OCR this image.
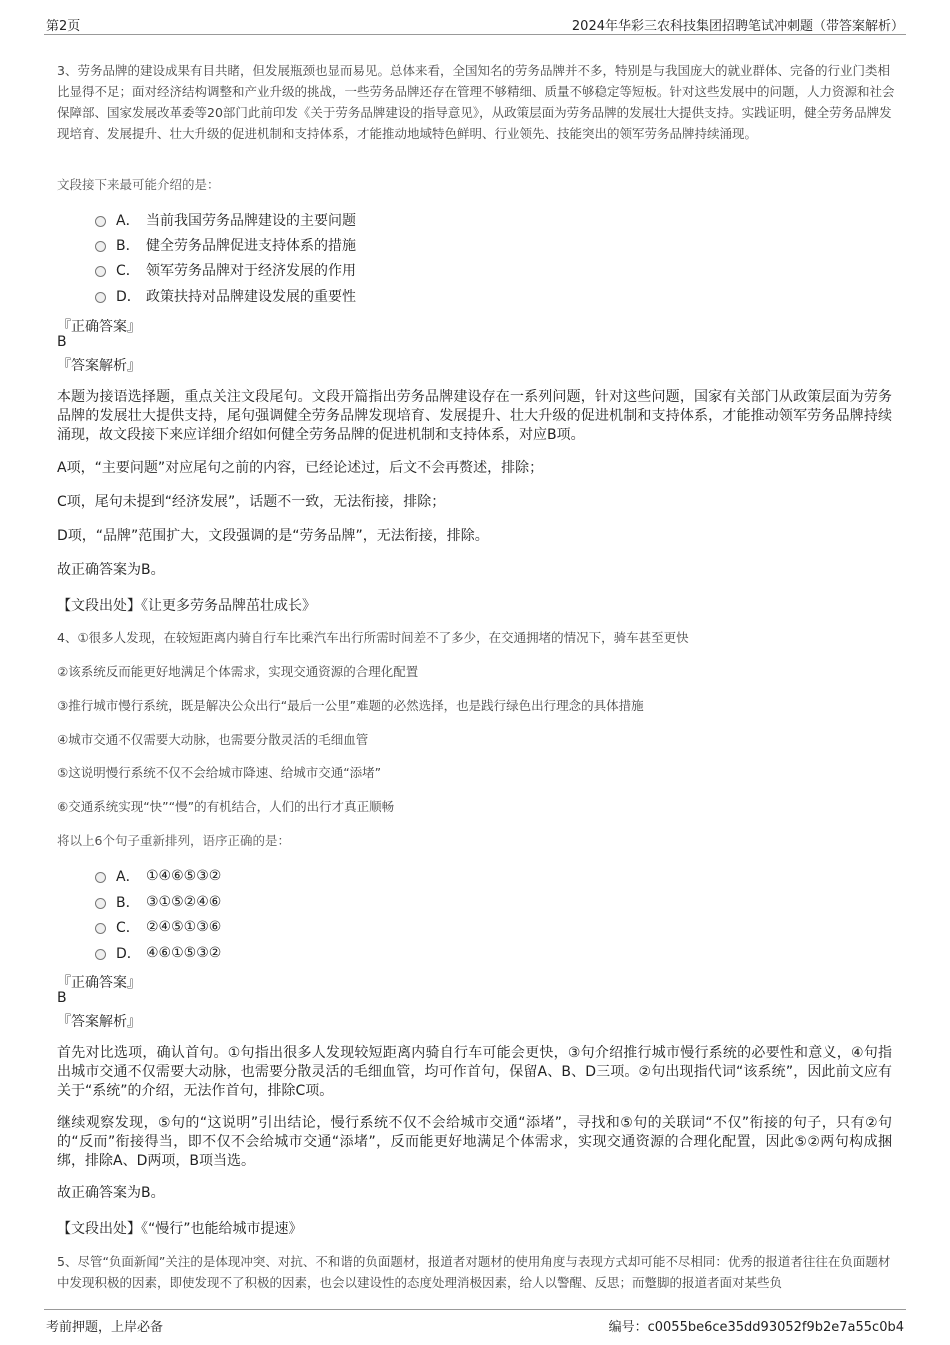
第2页	2024年华彩三农科技集团招聘笔试冲刺题（带答案解析）
3、劳务品牌的建设成果有目共睹，但发展瓶颈也显而易见。总体来看，全国知名的劳务品牌并不多，特别是与我国庞大的就业群体、完备的行业门类相比显得不足；面对经济结构调整和产业升级的挑战，一些劳务品牌还存在管理不够精细、质量不够稳定等短板。针对这些发展中的问题，人力资源和社会保障部、国家发展改革委等20部门此前印发《关于劳务品牌建设的指导意见》，从政策层面为劳务品牌的发展壮大提供支持。实践证明，健全劳务品牌发现培育、发展提升、壮大升级的促进机制和支持体系，才能推动地域特色鲜明、行业领先、技能突出的领军劳务品牌持续涌现。
文段接下来最可能介绍的是：
A． 当前我国劳务品牌建设的主要问题
B． 健全劳务品牌促进支持体系的措施
C． 领军劳务品牌对于经济发展的作用
D． 政策扶持对品牌建设发展的重要性
『正确答案』
B
『答案解析』
本题为接语选择题，重点关注文段尾句。文段开篇指出劳务品牌建设存在一系列问题，针对这些问题，国家有关部门从政策层面为劳务品牌的发展壮大提供支持，尾句强调健全劳务品牌发现培育、发展提升、壮大升级的促进机制和支持体系，才能推动领军劳务品牌持续涌现，故文段接下来应详细介绍如何健全劳务品牌的促进机制和支持体系，对应B项。
A项，“主要问题”对应尾句之前的内容，已经论述过，后文不会再赘述，排除；
C项，尾句未提到“经济发展”，话题不一致，无法衔接，排除；
D项，“品牌”范围扩大，文段强调的是“劳务品牌”，无法衔接，排除。
故正确答案为B。
【文段出处】《让更多劳务品牌茁壮成长》
4、①很多人发现，在较短距离内骑自行车比乘汽车出行所需时间差不了多少，在交通拥堵的情况下，骑车甚至更快
②该系统反而能更好地满足个体需求，实现交通资源的合理化配置
③推行城市慢行系统，既是解决公众出行“最后一公里”难题的必然选择，也是践行绿色出行理念的具体措施
④城市交通不仅需要大动脉，也需要分散灵活的毛细血管
⑤这说明慢行系统不仅不会给城市降速、给城市交通“添堵”
⑥交通系统实现“快”“慢”的有机结合，人们的出行才真正顺畅
将以上6个句子重新排列，语序正确的是：
A． ①④⑥⑤③②
B． ③①⑤②④⑥
C． ②④⑤①③⑥
D． ④⑥①⑤③②
『正确答案』
B
『答案解析』
首先对比选项，确认首句。①句指出很多人发现较短距离内骑自行车可能会更快，③句介绍推行城市慢行系统的必要性和意义，④句指出城市交通不仅需要大动脉，也需要分散灵活的毛细血管，均可作首句，保留A、B、D三项。②句出现指代词“该系统”，因此前文应有关于“系统”的介绍，无法作首句，排除C项。
继续观察发现，⑤句的“这说明”引出结论，慢行系统不仅不会给城市交通“添堵”，寻找和⑤句的关联词“不仅”衔接的句子，只有②句的“反而”衔接得当，即不仅不会给城市交通“添堵”，反而能更好地满足个体需求，实现交通资源的合理化配置，因此⑤②两句构成捆绑，排除A、D两项，B项当选。
故正确答案为B。
【文段出处】《“慢行”也能给城市提速》
5、尽管“负面新闻”关注的是体现冲突、对抗、不和谐的负面题材，报道者对题材的使用角度与表现方式却可能不尽相同：优秀的报道者往往在负面题材中发现积极的因素，即使发现不了积极的因素，也会以建设性的态度处理消极因素，给人以警醒、反思；而蹩脚的报道者面对某些负
考前押题，上岸必备	编号：c0055be6ce35dd93052f9b2e7a55c0b4
